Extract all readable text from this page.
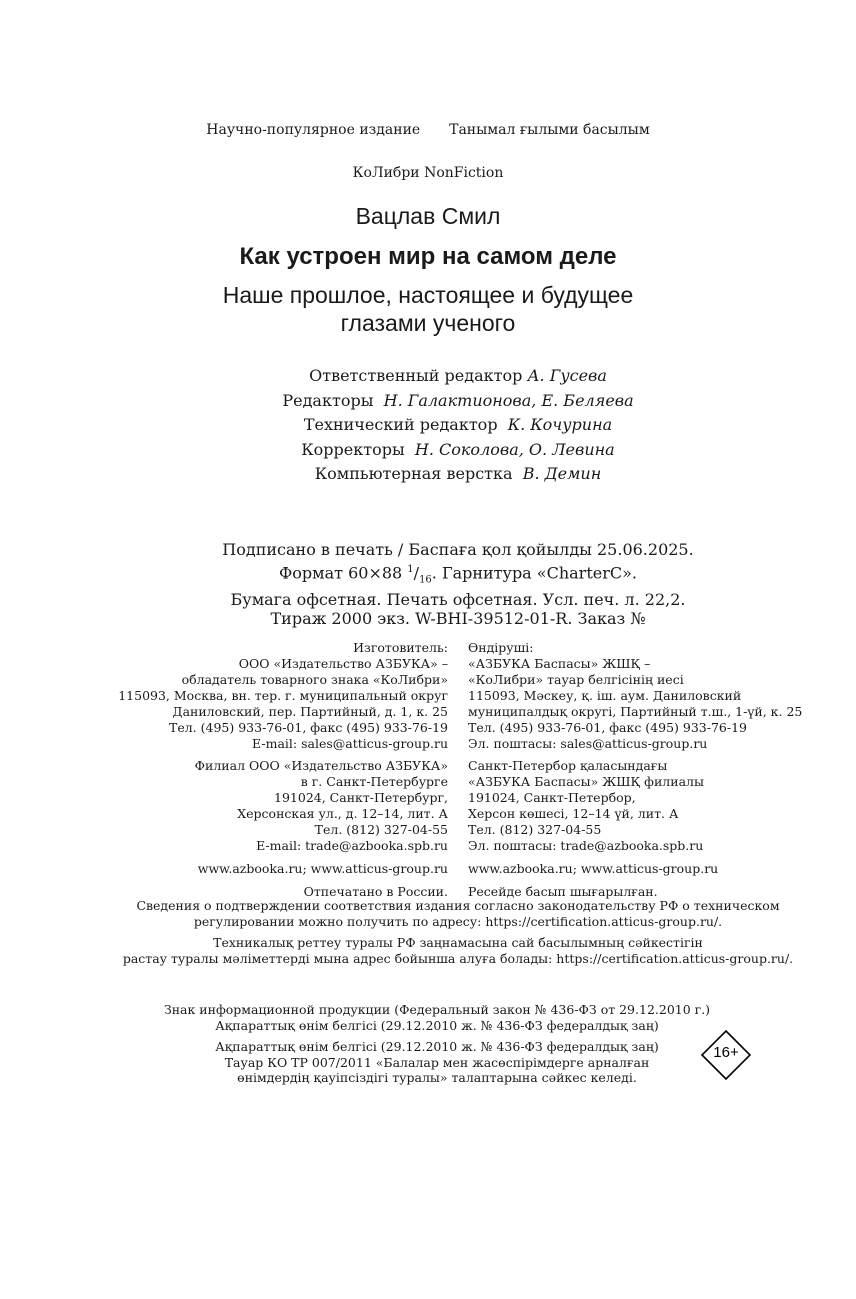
Научно-популярное издание Танымал ғылыми басылым
КоЛибри NonFiction
Вацлав Смил
Как устроен мир на самом деле
Наше прошлое, настоящее и будущее
глазами ученого
Ответственный редактор А. Гусева
Редакторы Н. Галактионова, Е. Беляева
Технический редактор К. Кочурина
Корректоры Н. Соколова, О. Левина
Компьютерная верстка В. Демин
Подписано в печать / Баспаға қол қойылды 25.06.2025.
Формат 60×88 $^1/_{16}$. Гарнитура «CharterC».
Бумага офсетная. Печать офсетная. Усл. печ. л. 22,2.
Тираж 2000 экз. W-BHI-39512-01-R. Заказ №

Изготовитель:

ООО «Издательство АЗБУКА» –

обладатель товарного знака «КоЛибри»

115093, Москва, вн. тер. г. муниципальный округ

Даниловский, пер. Партийный, д. 1, к. 25

Тел. (495) 933-76-01, факс (495) 933-76-19

E-mail: sales@atticus-group.ru

Филиал ООО «Издательство АЗБУКА»

в г. Санкт-Петербурге

191024, Санкт-Петербург,

Херсонская ул., д. 12–14, лит. А

Тел. (812) 327-04-55

E-mail: trade@azbooka.spb.ru

www.azbooka.ru; www.atticus-group.ru

Отпечатано в России.

Өндіруші:

«АЗБУКА Баспасы» ЖШҚ –

«КоЛибри» тауар белгісінің иесі

115093, Мәскеу, қ. іш. аум. Даниловский

муниципалдық округі, Партийный т.ш., 1-үй, к. 25

Тел. (495) 933-76-01, факс (495) 933-76-19

Эл. поштасы: sales@atticus-group.ru

Санкт-Петербор қаласындағы

«АЗБУКА Баспасы» ЖШҚ филиалы

191024, Санкт-Петербор,

Херсон көшесі, 12–14 үй, лит. А

Тел. (812) 327-04-55

Эл. поштасы: trade@azbooka.spb.ru

www.azbooka.ru; www.atticus-group.ru

Ресейде басып шығарылған.

Сведения о подтверждении соответствия издания согласно законодательству РФ о техническом

регулировании можно получить по адресу: https://certification.atticus-group.ru/.

Техникалық реттеу туралы РФ заңнамасына сай басылымның сәйкестігін

растау туралы мәліметтерді мына адрес бойынша алуға болады: https://certification.atticus-group.ru/.

Знак информационной продукции (Федеральный закон № 436-ФЗ от 29.12.2010 г.)

Ақпараттық өнім белгісі (29.12.2010 ж. № 436-ФЗ федералдық заң)

Ақпараттық өнім белгісі (29.12.2010 ж. № 436-ФЗ федералдық заң)

Тауар КО ТР 007/2011 «Балалар мен жасөспірімдерге арналған

өнімдердің қауіпсіздігі туралы» талаптарына сәйкес келеді.

16+
